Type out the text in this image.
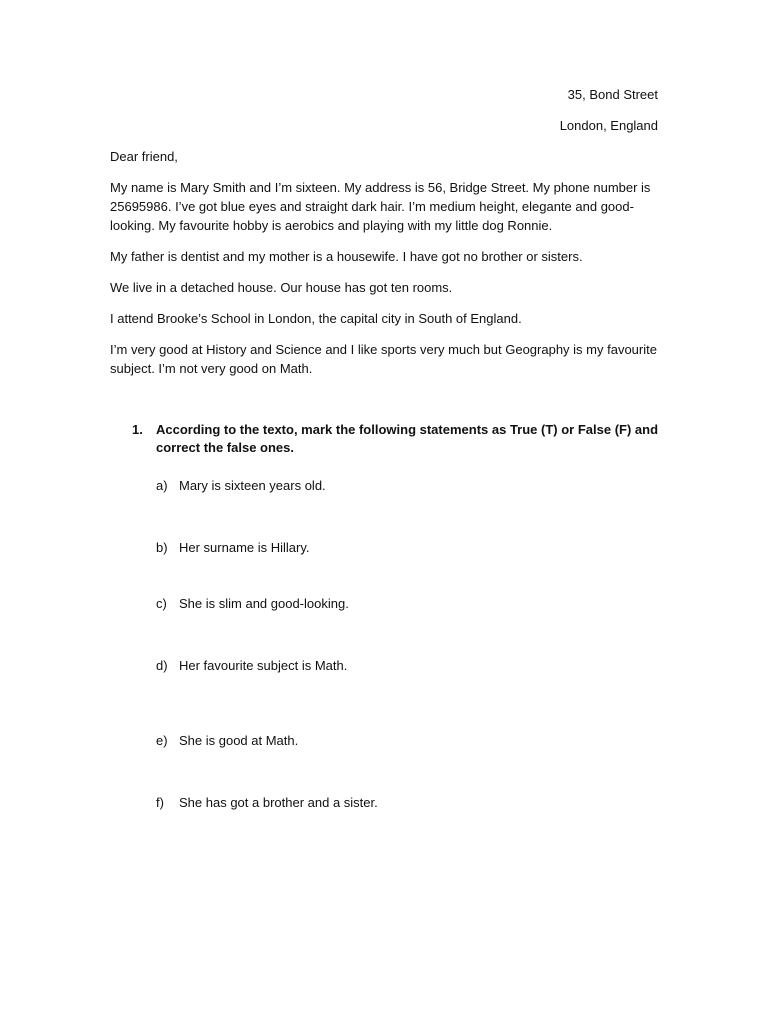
35, Bond Street
London, England

Dear friend,

My name is Mary Smith and I’m sixteen. My address is 56, Bridge Street. My phone number is 25695986. I’ve got blue eyes and straight dark hair. I’m medium height, elegante and good-looking. My favourite hobby is aerobics and playing with my little dog Ronnie.

My father is dentist and my mother is a housewife. I have got no brother or sisters.

We live in a detached house. Our house has got ten rooms.

I attend Brooke’s School in London, the capital city in South of England.

I’m very good at History and Science and I like sports very much but Geography is my favourite subject. I’m not very good on Math.

1. According to the texto, mark the following statements as True (T) or False (F) and correct the false ones.
a) Mary is sixteen years old.
b) Her surname is Hillary.
c) She is slim and good-looking.
d) Her favourite subject is Math.
e) She is good at Math.
f) She has got a brother and a sister.
